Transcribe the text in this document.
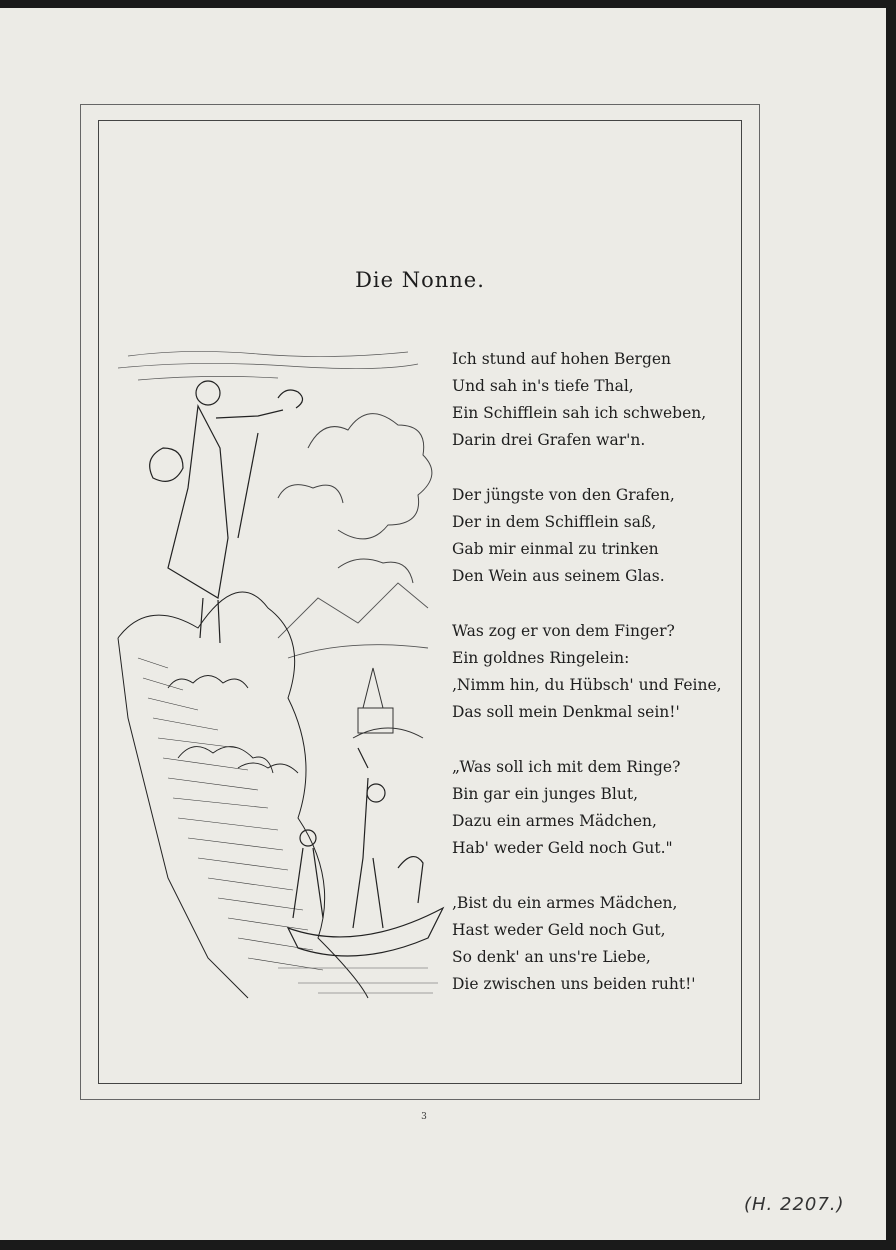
Die Nonne.
Ich stund auf hohen Bergen
Und sah in's tiefe Thal,
Ein Schifflein sah ich schweben,
Darin drei Grafen war'n.
Der jüngste von den Grafen,
Der in dem Schifflein saß,
Gab mir einmal zu trinken
Den Wein aus seinem Glas.
Was zog er von dem Finger?
Ein goldnes Ringelein:
‚Nimm hin, du Hübsch' und Feine,
Das soll mein Denkmal sein!'
„Was soll ich mit dem Ringe?
Bin gar ein junges Blut,
Dazu ein armes Mädchen,
Hab' weder Geld noch Gut."
‚Bist du ein armes Mädchen,
Hast weder Geld noch Gut,
So denk' an uns're Liebe,
Die zwischen uns beiden ruht!'
3
(H. 2207.)
